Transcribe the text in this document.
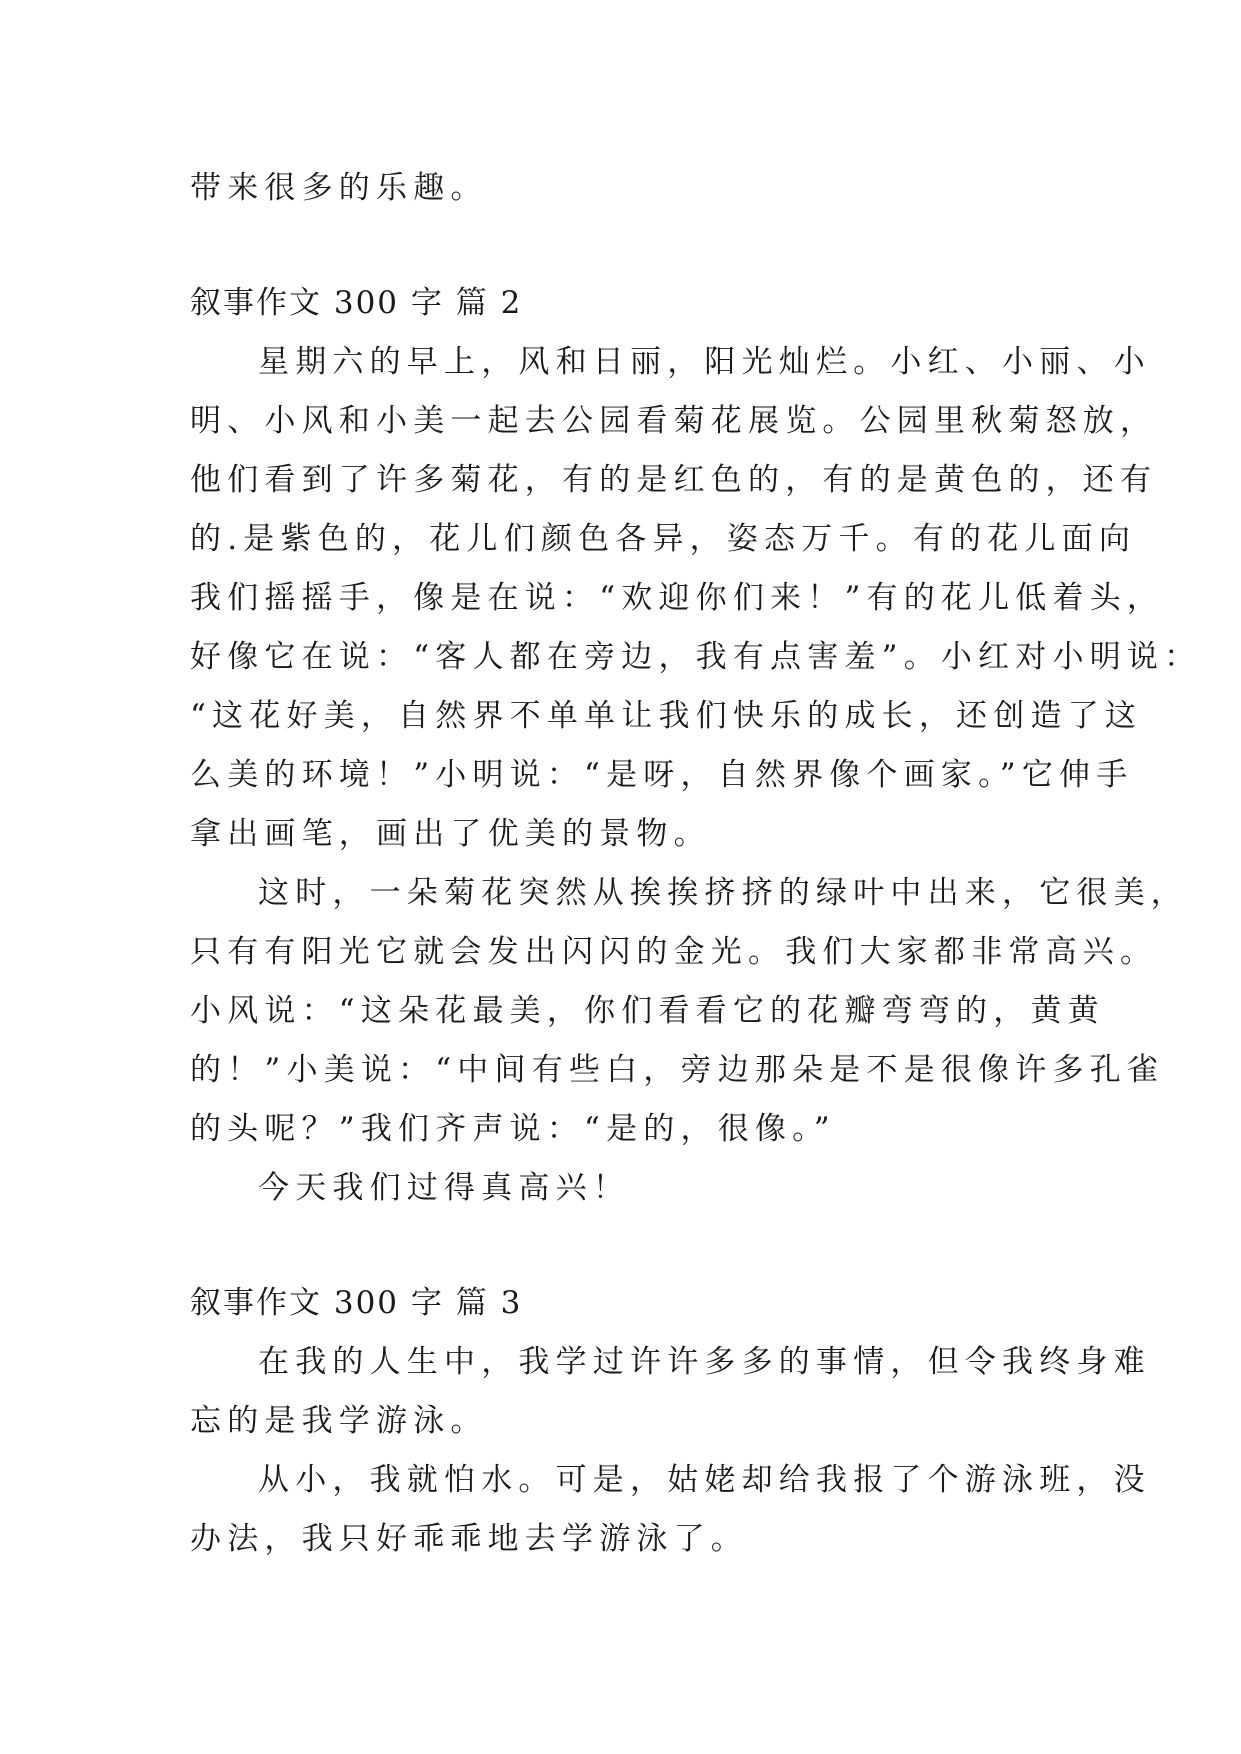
带来很多的乐趣。
叙事作文 300 字 篇 2
星期六的早上，风和日丽，阳光灿烂。小红、小丽、小
明、小风和小美一起去公园看菊花展览。公园里秋菊怒放，
他们看到了许多菊花，有的是红色的，有的是黄色的，还有
的.是紫色的，花儿们颜色各异，姿态万千。有的花儿面向
我们摇摇手，像是在说：“欢迎你们来！”有的花儿低着头，
好像它在说：“客人都在旁边，我有点害羞”。小红对小明说：
“这花好美，自然界不单单让我们快乐的成长，还创造了这
么美的环境！”小明说：“是呀，自然界像个画家。”它伸手
拿出画笔，画出了优美的景物。
这时，一朵菊花突然从挨挨挤挤的绿叶中出来，它很美，
只有有阳光它就会发出闪闪的金光。我们大家都非常高兴。
小风说：“这朵花最美，你们看看它的花瓣弯弯的，黄黄
的！”小美说：“中间有些白，旁边那朵是不是很像许多孔雀
的头呢？”我们齐声说：“是的，很像。”
今天我们过得真高兴！
叙事作文 300 字 篇 3
在我的人生中，我学过许许多多的事情，但令我终身难
忘的是我学游泳。
从小，我就怕水。可是，姑姥却给我报了个游泳班，没
办法，我只好乖乖地去学游泳了。
